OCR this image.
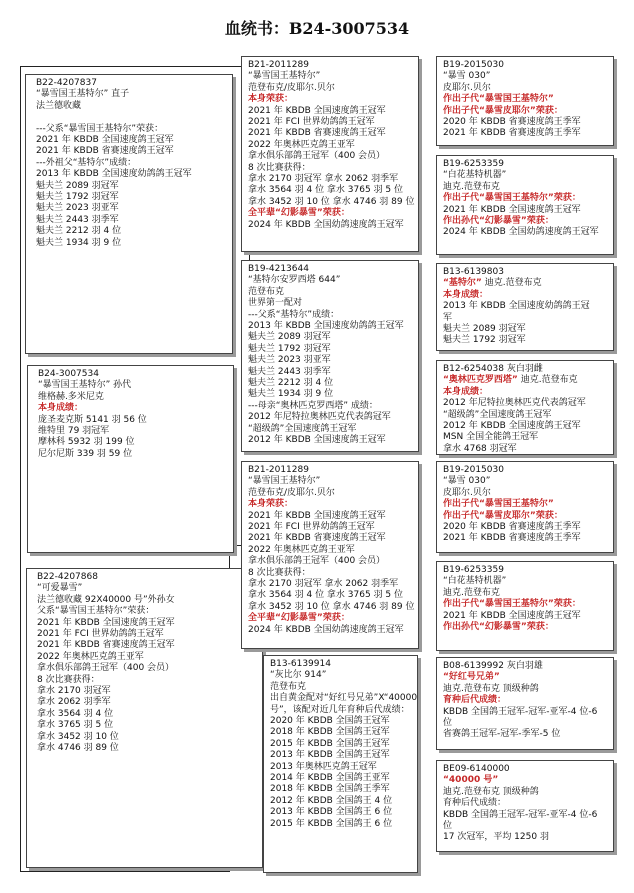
血统书：B24-3007534
B22-4207837
“暴雪国王基特尔” 直子
法兰德收藏

---父系“暴雪国王基特尔”荣获：
2021 年 KBDB 全国速度鸽王冠军
2021 年 KBDB 省赛速度鸽王冠军
---外祖父“基特尔”成绩：
2013 年 KBDB 全国速度幼鸽鸽王冠军
魁夫兰 2089 羽冠军
魁夫兰 1792 羽冠军
魁夫兰 2023 羽亚军
魁夫兰 2443 羽季军
魁夫兰 2212 羽 4 位
魁夫兰 1934 羽 9 位
B24-3007534
“暴雪国王基特尔” 孙代
维格赫.多米尼克
本身成绩：
庞圣麦克斯 5141 羽 56 位
维特里 79 羽冠军
摩林科 5932 羽 199 位
尼尔尼斯 339 羽 59 位
B22-4207868
“可爱暴雪”
法兰德收藏 92X40000 号”外孙女
父系“暴雪国王基特尔”荣获：
2021 年 KBDB 全国速度鸽王冠军
2021 年 FCI 世界幼鸽鸽王冠军
2021 年 KBDB 省赛速度鸽王冠军
2022 年奥林匹克鸽王亚军
拿水俱乐部鸽王冠军（400 会员）
8 次比赛获得：
拿水 2170 羽冠军
拿水 2062 羽季军
拿水 3564 羽 4 位
拿水 3765 羽 5 位
拿水 3452 羽 10 位
拿水 4746 羽 89 位
B21-2011289
“暴雪国王基特尔”
范登布克/皮耶尔.贝尔
本身荣获：
2021 年 KBDB 全国速度鸽王冠军
2021 年 FCI 世界幼鸽鸽王冠军
2021 年 KBDB 省赛速度鸽王冠军
2022 年奥林匹克鸽王亚军
拿水俱乐部鸽王冠军（400 会员）
8 次比赛获得：
拿水 2170 羽冠军 拿水 2062 羽季军
拿水 3564 羽 4 位 拿水 3765 羽 5 位
拿水 3452 羽 10 位 拿水 4746 羽 89 位
全平辈“幻影暴雪”荣获：
2024 年 KBDB 全国幼鸽速度鸽王冠军
B19-4213644
“基特尔安罗西塔 644”
范登布克
世界第一配对
---父系“基特尔”成绩：
2013 年 KBDB 全国速度幼鸽鸽王冠军
魁夫兰 2089 羽冠军
魁夫兰 1792 羽冠军
魁夫兰 2023 羽亚军
魁夫兰 2443 羽季军
魁夫兰 2212 羽 4 位
魁夫兰 1934 羽 9 位
---母亲“奥林匹克罗西塔” 成绩：
2012 年尼特拉奥林匹克代表鸽冠军
“超级鸽”全国速度鸽王冠军
2012 年 KBDB 全国速度鸽王冠军
B21-2011289
“暴雪国王基特尔”
范登布克/皮耶尔.贝尔
本身荣获：
2021 年 KBDB 全国速度鸽王冠军
2021 年 FCI 世界幼鸽鸽王冠军
2021 年 KBDB 省赛速度鸽王冠军
2022 年奥林匹克鸽王亚军
拿水俱乐部鸽王冠军（400 会员）
8 次比赛获得：
拿水 2170 羽冠军 拿水 2062 羽季军
拿水 3564 羽 4 位 拿水 3765 羽 5 位
拿水 3452 羽 10 位 拿水 4746 羽 89 位
全平辈“幻影暴雪”荣获：
2024 年 KBDB 全国幼鸽速度鸽王冠军
B13-6139914
“灰比尔 914”
范登布克
出自黄金配对“好红号兄弟”X“40000
号”，该配对近几年育种后代成绩：
2020 年 KBDB 全国鸽王冠军
2018 年 KBDB 全国鸽王冠军
2015 年 KBDB 全国鸽王冠军
2013 年 KBDB 全国鸽王冠军
2013 年奥林匹克鸽王冠军
2014 年 KBDB 全国鸽王亚军
2018 年 KBDB 全国鸽王季军
2012 年 KBDB 全国鸽王 4 位
2013 年 KBDB 全国鸽王 6 位
2015 年 KBDB 全国鸽王 6 位
B19-2015030
“暴雪 030”
皮耶尔.贝尔
作出子代“暴雪国王基特尔”
作出子代“暴雪皮耶尔”荣获：
2020 年 KBDB 省赛速度鸽王季军
2021 年 KBDB 省赛速度鸽王季军
B19-6253359
“白花基特机器”
迪克.范登布克
作出子代“暴雪国王基特尔”荣获：
2021 年 KBDB 全国速度鸽王冠军
作出孙代“幻影暴雪”荣获：
2024 年 KBDB 全国幼鸽速度鸽王冠军
B13-6139803
“基特尔” 迪克.范登布克
本身成绩：
2013 年 KBDB 全国速度幼鸽鸽王冠
军
魁夫兰 2089 羽冠军
魁夫兰 1792 羽冠军
B12-6254038 灰白羽雌
“奥林匹克罗西塔” 迪克.范登布克
本身成绩：
2012 年尼特拉奥林匹克代表鸽冠军
“超级鸽”全国速度鸽王冠军
2012 年 KBDB 全国速度鸽王冠军
MSN 全国全能鸽王冠军
拿水 4768 羽冠军
B19-2015030
“暴雪 030”
皮耶尔.贝尔
作出子代“暴雪国王基特尔”
作出子代“暴雪皮耶尔”荣获：
2020 年 KBDB 省赛速度鸽王季军
2021 年 KBDB 省赛速度鸽王季军
B19-6253359
“白花基特机器”
迪克.范登布克
作出子代“暴雪国王基特尔”荣获：
2021 年 KBDB 全国速度鸽王冠军
作出孙代“幻影暴雪”荣获：
B08-6139992 灰白羽雄
“好红号兄弟”
迪克.范登布克 顶级种鸽
育种后代成绩：
KBDB 全国鸽王冠军-冠军-亚军-4 位-6
位
省赛鸽王冠军-冠军-季军-5 位
BE09-6140000
“40000 号”
迪克.范登布克 顶级种鸽
育种后代成绩：
KBDB 全国鸽王冠军-冠军-亚军-4 位-6
位
17 次冠军，平均 1250 羽
